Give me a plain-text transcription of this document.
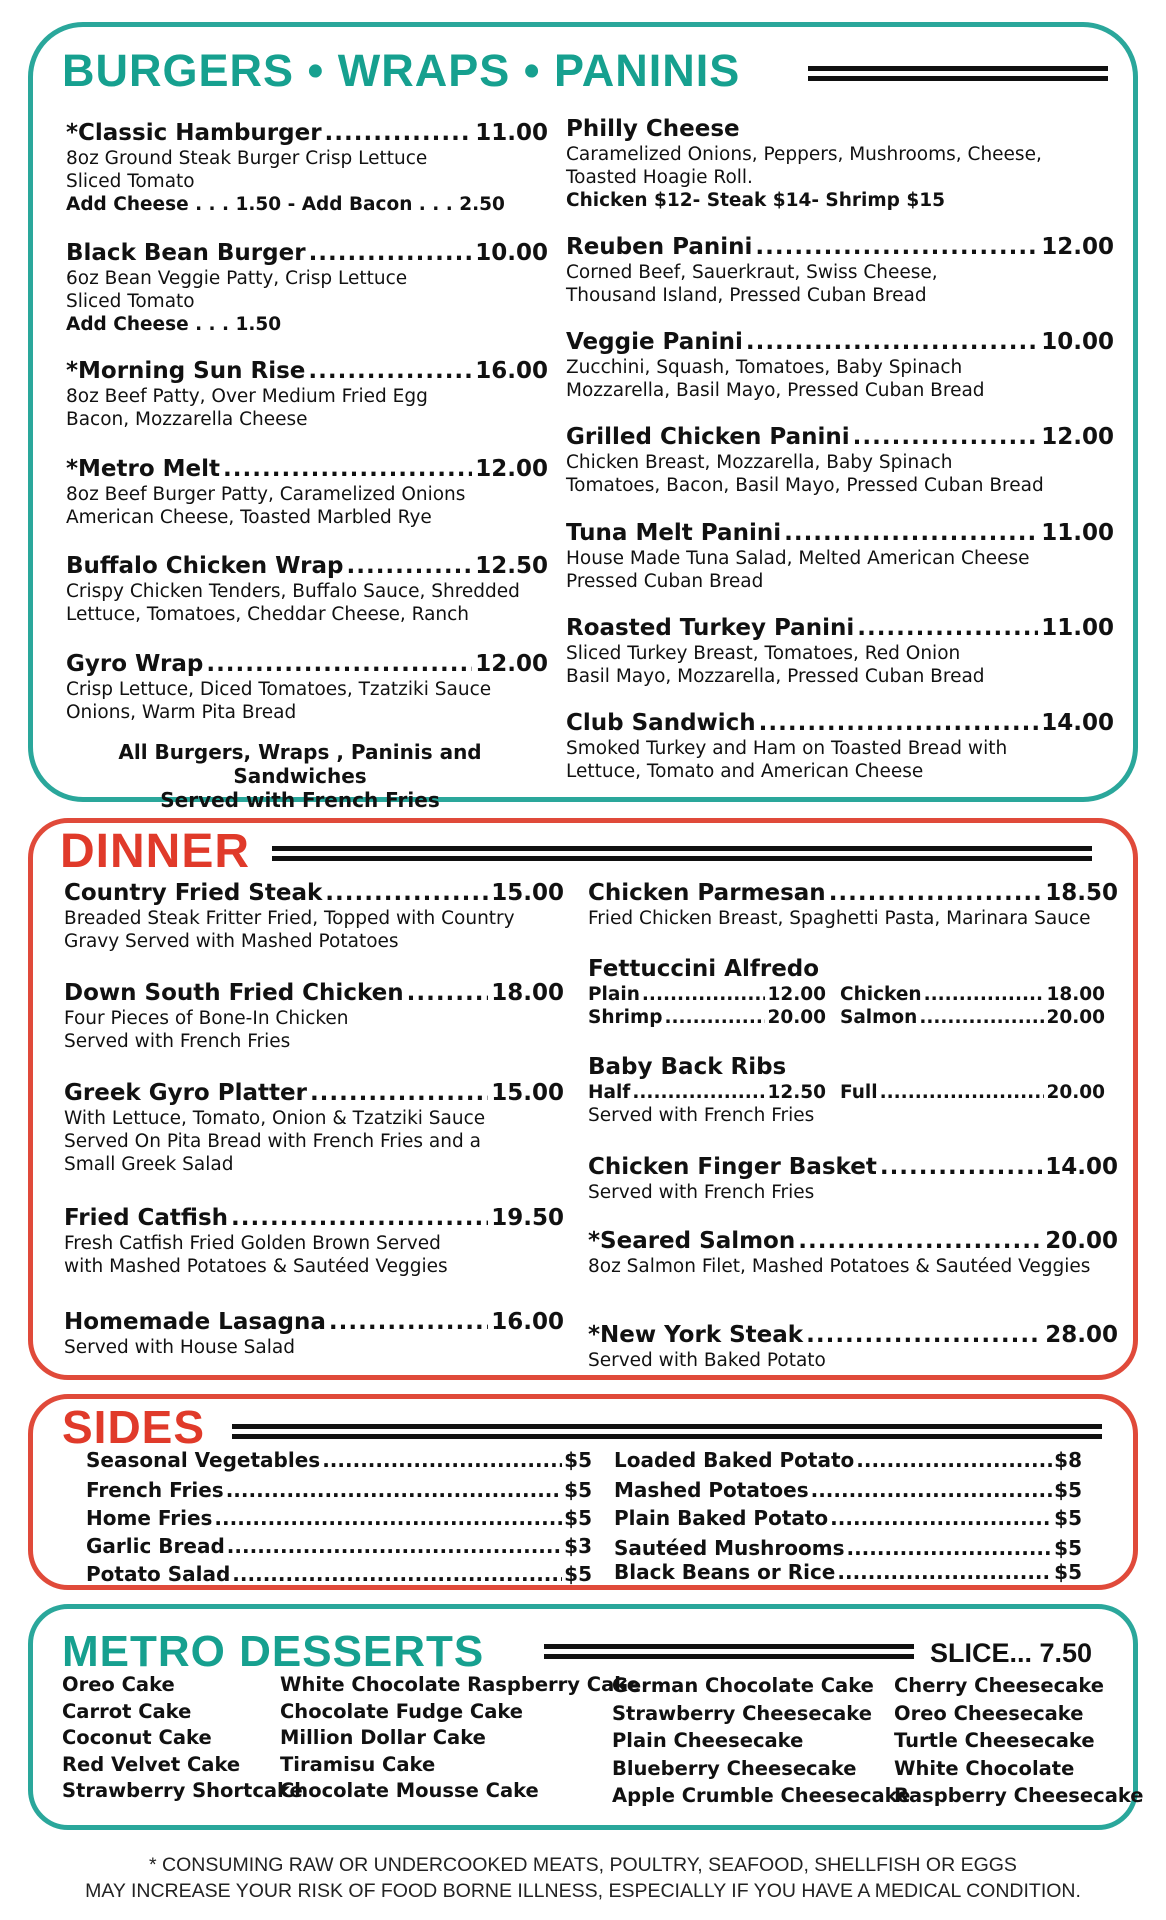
BURGERS • WRAPS • PANINIS
*Classic Hamburger .....	11.00
8oz Ground Steak Burger Crisp Lettuce
Sliced Tomato
Add Cheese . . . 1.50 - Add Bacon . . . 2.50
Black Bean Burger .....	10.00
6oz Bean Veggie Patty, Crisp Lettuce
Sliced Tomato
Add Cheese . . . 1.50
*Morning Sun Rise .....	16.00
8oz Beef Patty, Over Medium Fried Egg
Bacon, Mozzarella Cheese
*Metro Melt .....	12.00
8oz Beef Burger Patty, Caramelized Onions
American Cheese, Toasted Marbled Rye
Buffalo Chicken Wrap .....	12.50
Crispy Chicken Tenders, Buffalo Sauce, Shredded
Lettuce, Tomatoes, Cheddar Cheese, Ranch
Gyro Wrap .....	12.00
Crisp Lettuce, Diced Tomatoes, Tzatziki Sauce
Onions, Warm Pita Bread
Philly Cheese
Caramelized Onions, Peppers, Mushrooms, Cheese,
Toasted Hoagie Roll.
Chicken $12- Steak $14- Shrimp $15
Reuben Panini .....	12.00
Corned Beef, Sauerkraut, Swiss Cheese,
Thousand Island, Pressed Cuban Bread
Veggie Panini .....	10.00
Zucchini, Squash, Tomatoes, Baby Spinach
Mozzarella, Basil Mayo, Pressed Cuban Bread
Grilled Chicken Panini .....	12.00
Chicken Breast, Mozzarella, Baby Spinach
Tomatoes, Bacon, Basil Mayo, Pressed Cuban Bread
Tuna Melt Panini .....	11.00
House Made Tuna Salad, Melted American Cheese
Pressed Cuban Bread
Roasted Turkey Panini .....	11.00
Sliced Turkey Breast, Tomatoes, Red Onion
Basil Mayo, Mozzarella, Pressed Cuban Bread
Club Sandwich .....	14.00
Smoked Turkey and Ham on Toasted Bread with
Lettuce, Tomato and American Cheese
All Burgers, Wraps , Paninis and Sandwiches
Served with French Fries
DINNER
Country Fried Steak .....	15.00
Breaded Steak Fritter Fried, Topped with Country
Gravy Served with Mashed Potatoes
Down South Fried Chicken .....	18.00
Four Pieces of Bone-In Chicken
Served with French Fries
Greek Gyro Platter .....	15.00
With Lettuce, Tomato, Onion & Tzatziki Sauce
Served On Pita Bread with French Fries and a
Small Greek Salad
Fried Catfish .....	19.50
Fresh Catfish Fried Golden Brown Served
with Mashed Potatoes & Sautéed Veggies
Homemade Lasagna .....	16.00
Served with House Salad
Chicken Parmesan .....	18.50
Fried Chicken Breast, Spaghetti Pasta, Marinara Sauce
Fettuccini Alfredo
Plain .....	12.00 Chicken .....	18.00
Shrimp .....	20.00 Salmon .....	20.00
Baby Back Ribs
Half .....	12.50 Full .....	20.00
Served with French Fries
Chicken Finger Basket .....	14.00
Served with French Fries
*Seared Salmon .....	20.00
8oz Salmon Filet, Mashed Potatoes & Sautéed Veggies
*New York Steak .....	28.00
Served with Baked Potato
SIDES
Seasonal Vegetables .....	$5
French Fries .....	$5
Home Fries .....	$5
Garlic Bread .....	$3
Potato Salad .....	$5
Loaded Baked Potato .....	$8
Mashed Potatoes .....	$5
Plain Baked Potato .....	$5
Sautéed Mushrooms .....	$5
Black Beans or Rice .....	$5
METRO DESSERTS	SLICE... 7.50
Oreo Cake
Carrot Cake
Coconut Cake
Red Velvet Cake
Strawberry Shortcake
White Chocolate Raspberry Cake
Chocolate Fudge Cake
Million Dollar Cake
Tiramisu Cake
Chocolate Mousse Cake
German Chocolate Cake
Strawberry Cheesecake
Plain Cheesecake
Blueberry Cheesecake
Apple Crumble Cheesecake
Cherry Cheesecake
Oreo Cheesecake
Turtle Cheesecake
White Chocolate
Raspberry Cheesecake
* CONSUMING RAW OR UNDERCOOKED MEATS, POULTRY, SEAFOOD, SHELLFISH OR EGGS
MAY INCREASE YOUR RISK OF FOOD BORNE ILLNESS, ESPECIALLY IF YOU HAVE A MEDICAL CONDITION.
